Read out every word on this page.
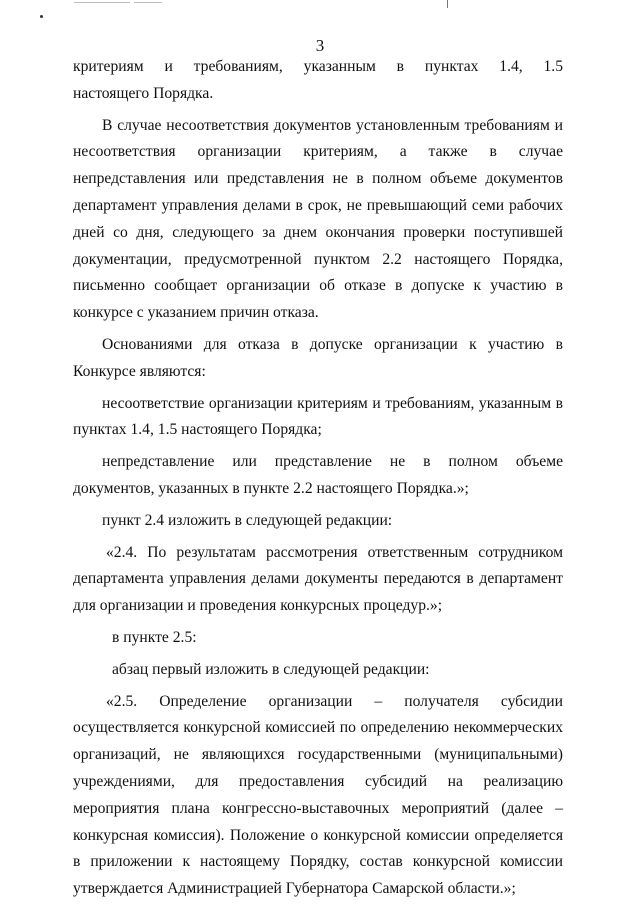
3

критериям и требованиям, указанным в пунктах 1.4, 1.5
настоящего Порядка.

В случае несоответствия документов установленным требованиям и несоответствия организации критериям, а также в случае непредставления или представления не в полном объеме документов департамент управления делами в срок, не превышающий семи рабочих дней со дня, следующего за днем окончания проверки поступившей документации, предусмотренной пунктом 2.2 настоящего Порядка, письменно сообщает организации об отказе в допуске к участию в конкурсе с указанием причин отказа.

Основаниями для отказа в допуске организации к участию в Конкурсе являются:

несоответствие организации критериям и требованиям, указанным в пунктах 1.4, 1.5 настоящего Порядка;

непредставление или представление не в полном объеме документов, указанных в пункте 2.2 настоящего Порядка.»;

пункт 2.4 изложить в следующей редакции:

«2.4. По результатам рассмотрения ответственным сотрудником департамента управления делами документы передаются в департамент для организации и проведения конкурсных процедур.»;

в пункте 2.5:

абзац первый изложить в следующей редакции:

«2.5. Определение организации – получателя субсидии осуществляется конкурсной комиссией по определению некоммерческих организаций, не являющихся государственными (муниципальными) учреждениями, для предоставления субсидий на реализацию мероприятия плана конгрессно-выставочных мероприятий (далее – конкурсная комиссия). Положение о конкурсной комиссии определяется в приложении к настоящему Порядку, состав конкурсной комиссии утверждается Администрацией Губернатора Самарской области.»;
